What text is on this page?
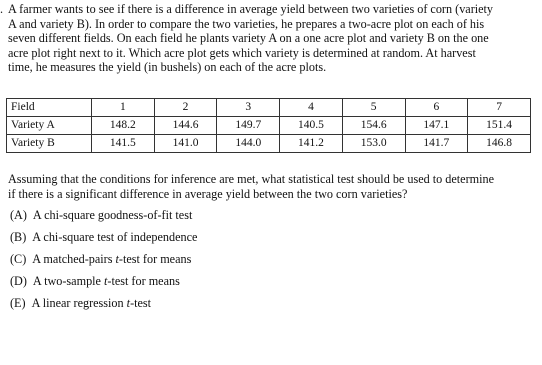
. A farmer wants to see if there is a difference in average yield between two varieties of corn (variety
A and variety B). In order to compare the two varieties, he prepares a two-acre plot on each of his
seven different fields. On each field he plants variety A on a one acre plot and variety B on the one
acre plot right next to it. Which acre plot gets which variety is determined at random. At harvest
time, he measures the yield (in bushels) on each of the acre plots.
Field	1	2	3	4	5	6	7
Variety A	148.2	144.6	149.7	140.5	154.6	147.1	151.4
Variety B	141.5	141.0	144.0	141.2	153.0	141.7	146.8
Assuming that the conditions for inference are met, what statistical test should be used to determine
if there is a significant difference in average yield between the two corn varieties?
(A) A chi-square goodness-of-fit test
(B) A chi-square test of independence
(C) A matched-pairs t-test for means
(D) A two-sample t-test for means
(E) A linear regression t-test
